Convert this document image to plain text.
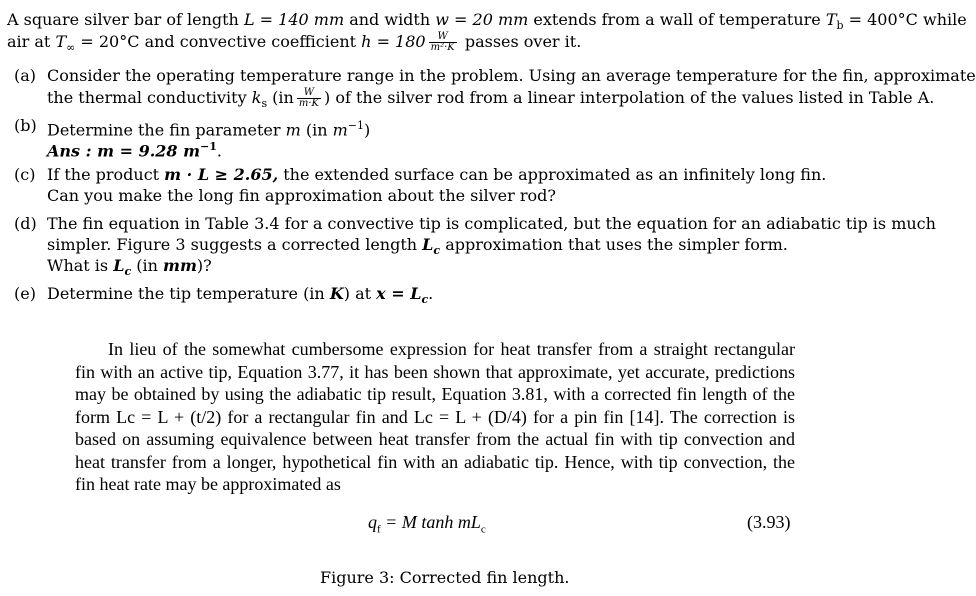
A square silver bar of length L = 140 mm and width w = 20 mm extends from a wall of temperature $T_b = 400^\circ C$ while
air at $T_\infty = 20^\circ C$ and convective coefficient $h = 180 \frac{W}{\text{m²·K}}$ passes over it.
(a) Consider the operating temperature range in the problem. Using an average temperature for the fin, approximate
the thermal conductivity $k_s$ ($in \frac{W}{m\cdot K}$ ) of the silver rod from a linear interpolation of the values listed in Table A.
(b) Determine the fin parameter m (in $m^{-1}$)
Ans : m = 9.28 $m^{-1}$.
(c) If the product m · L ≥ 2.65, the extended surface can be approximated as an infinitely long fin.
Can you make the long fin approximation about the silver rod?
(d) The fin equation in Table 3.4 for a convective tip is complicated, but the equation for an adiabatic tip is much
simpler. Figure 3 suggests a corrected length $L_c$ approximation that uses the simpler form.
What is $L_c$ (in mm)?
(e) Determine the tip temperature (in K) at $x = L_c$.

In lieu of the somewhat cumbersome expression for heat transfer from a straight rectangular fin with an active tip, Equation 3.77, it has been shown that approximate, yet accurate, predictions may be obtained by using the adiabatic tip result, Equation 3.81, with a corrected fin length of the form Lc = L + (t/2) for a rectangular fin and Lc = L + (D/4) for a pin fin [14]. The correction is based on assuming equivalence between heat transfer from the actual fin with tip convection and heat transfer from a longer, hypothetical fin with an adiabatic tip. Hence, with tip convection, the fin heat rate may be approximated as

$q_f = M$ $\tanh mL_c$	(3.93)
Figure 3: Corrected fin length.
